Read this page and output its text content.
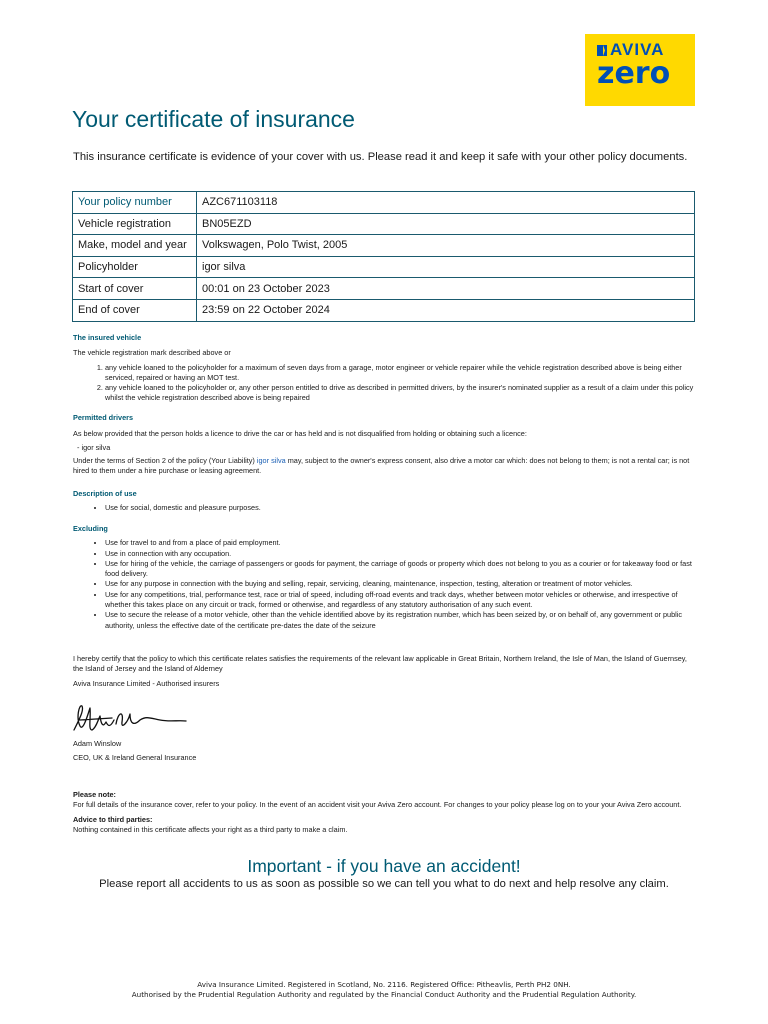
AVIVA
zero
Your certificate of insurance

This insurance certificate is evidence of your cover with us. Please read it and keep it safe with your other policy documents.

Your policy number	AZC671103118
Vehicle registration	BN05EZD
Make, model and year	Volkswagen, Polo Twist, 2005
Policyholder	igor silva
Start of cover	00:01 on 23 October 2023
End of cover	23:59 on 22 October 2024

The insured vehicle

The vehicle registration mark described above or

1. any vehicle loaned to the policyholder for a maximum of seven days from a garage, motor engineer or vehicle repairer while the vehicle registration described above is being either serviced, repaired or having an MOT test.
2. any vehicle loaned to the policyholder or, any other person entitled to drive as described in permitted drivers, by the insurer's nominated supplier as a result of a claim under this policy whilst the vehicle registration described above is being repaired

Permitted drivers

As below provided that the person holds a licence to drive the car or has held and is not disqualified from holding or obtaining such a licence:

- igor silva

Under the terms of Section 2 of the policy (Your Liability) igor silva may, subject to the owner's express consent, also drive a motor car which: does not belong to them; is not a rental car; is not hired to them under a hire purchase or leasing agreement.

Description of use

• Use for social, domestic and pleasure purposes.

Excluding

• Use for travel to and from a place of paid employment.
• Use in connection with any occupation.
• Use for hiring of the vehicle, the carriage of passengers or goods for payment, the carriage of goods or property which does not belong to you as a courier or for takeaway food or fast food delivery.
• Use for any purpose in connection with the buying and selling, repair, servicing, cleaning, maintenance, inspection, testing, alteration or treatment of motor vehicles.
• Use for any competitions, trial, performance test, race or trial of speed, including off-road events and track days, whether between motor vehicles or otherwise, and irrespective of whether this takes place on any circuit or track, formed or otherwise, and regardless of any statutory authorisation of any such event.
• Use to secure the release of a motor vehicle, other than the vehicle identified above by its registration number, which has been seized by, or on behalf of, any government or public authority, unless the effective date of the certificate pre-dates the date of the seizure

I hereby certify that the policy to which this certificate relates satisfies the requirements of the relevant law applicable in Great Britain, Northern Ireland, the Isle of Man, the Island of Guernsey, the Island of Jersey and the Island of Alderney

Aviva Insurance Limited - Authorised insurers

Adam Winslow

CEO, UK & Ireland General Insurance

Please note:

For full details of the insurance cover, refer to your policy. In the event of an accident visit your Aviva Zero account. For changes to your policy please log on to your your Aviva Zero account.

Advice to third parties:

Nothing contained in this certificate affects your right as a third party to make a claim.

Important - if you have an accident!
Please report all accidents to us as soon as possible so we can tell you what to do next and help resolve any claim.

Aviva Insurance Limited. Registered in Scotland, No. 2116. Registered Office: Pitheavlis, Perth PH2 0NH.

Authorised by the Prudential Regulation Authority and regulated by the Financial Conduct Authority and the Prudential Regulation Authority.
